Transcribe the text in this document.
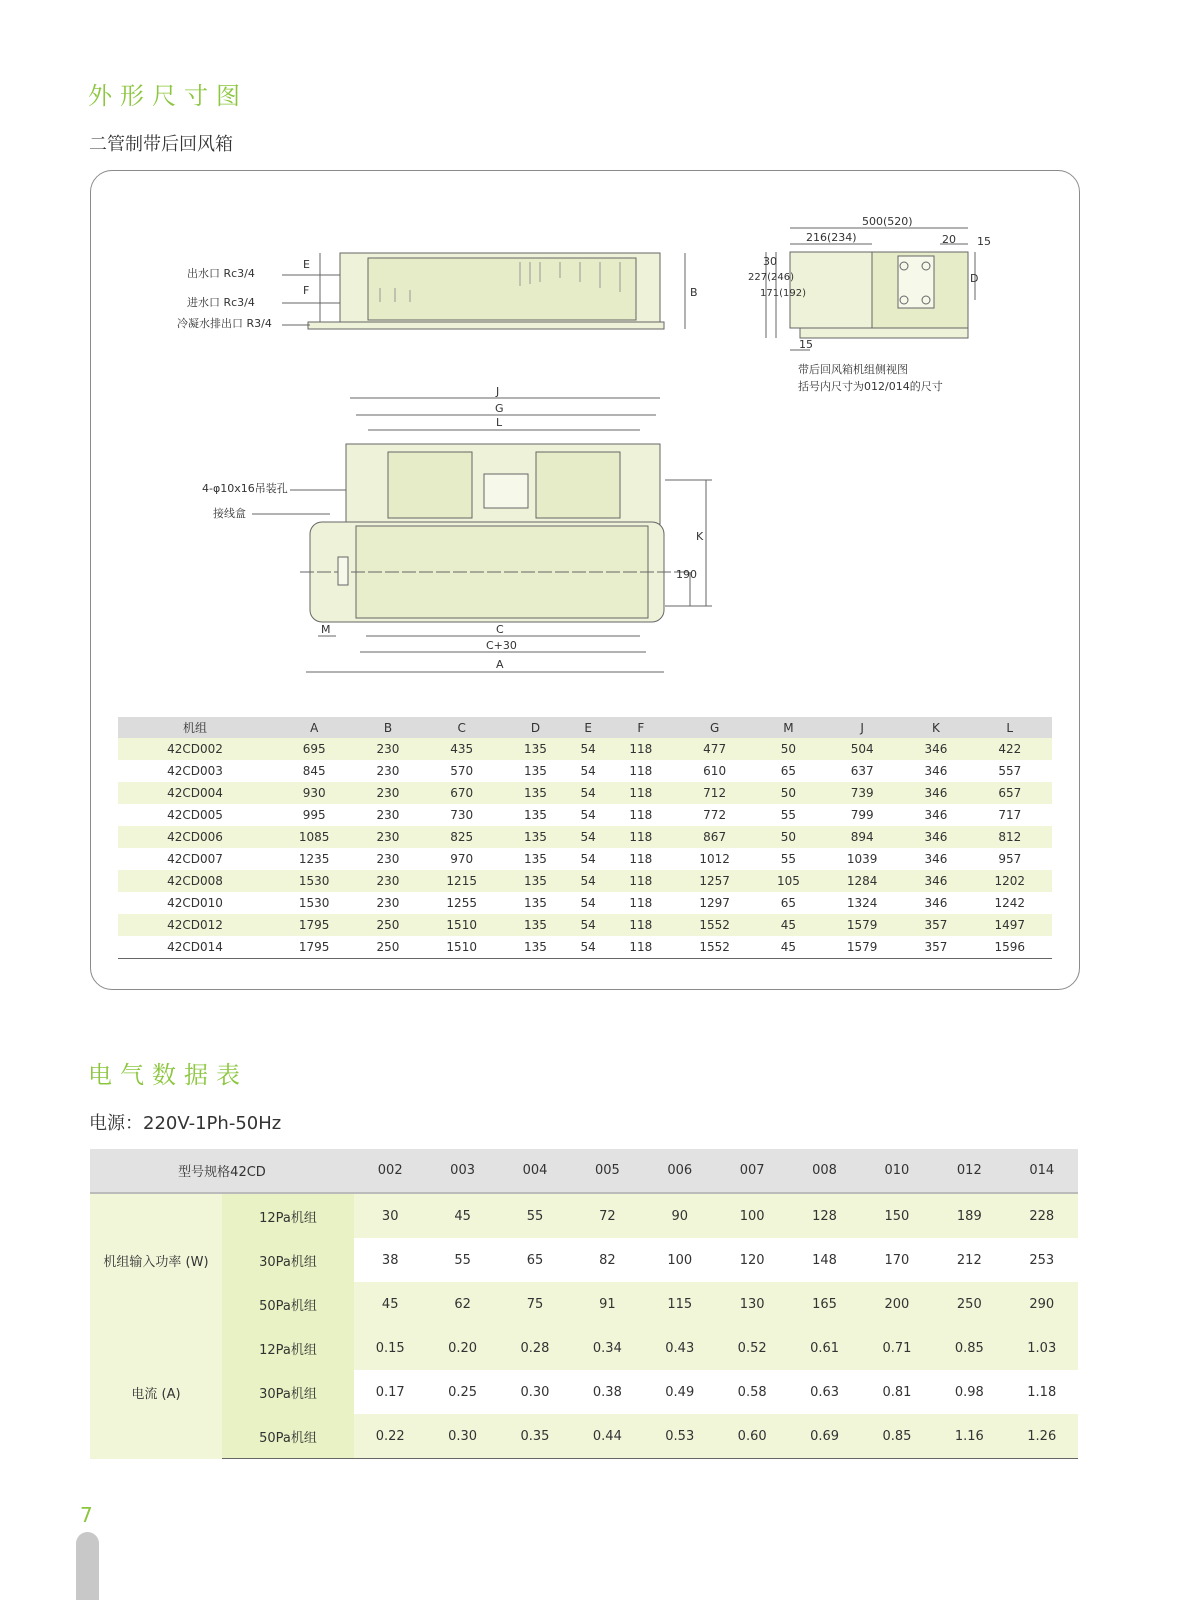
外形尺寸图
二管制带后回风箱
出水口 Rc3/4
进水口 Rc3/4
冷凝水排出口 R3/4
4-φ10x16吊装孔
接线盒
带后回风箱机组侧视图
括号内尺寸为012/014的尺寸
E
F	B
J
G
L
C
C+30
A
M
K
190
500(520)
216(234)	20 15
D
15
30
227(246)
171(192)
机组	A	B	C	D	E	F	G	M	J	K	L
42CD002	695	230	435	135	54	118	477	50	504	346	422
42CD003	845	230	570	135	54	118	610	65	637	346	557
42CD004	930	230	670	135	54	118	712	50	739	346	657
42CD005	995	230	730	135	54	118	772	55	799	346	717
42CD006	1085	230	825	135	54	118	867	50	894	346	812
42CD007	1235	230	970	135	54	118	1012	55	1039	346	957
42CD008	1530	230	1215	135	54	118	1257	105	1284	346	1202
42CD010	1530	230	1255	135	54	118	1297	65	1324	346	1242
42CD012	1795	250	1510	135	54	118	1552	45	1579	357	1497
42CD014	1795	250	1510	135	54	118	1552	45	1579	357	1596
电气数据表
电源：220V-1Ph-50Hz
型号规格42CD		002	003	004	005	006	007	008	010	012	014
机组输入功率 (W)	12Pa机组	30	45	55	72	90	100	128	150	189	228
	30Pa机组	38	55	65	82	100	120	148	170	212	253
	50Pa机组	45	62	75	91	115	130	165	200	250	290
电流 (A)	12Pa机组	0.15	0.20	0.28	0.34	0.43	0.52	0.61	0.71	0.85	1.03
	30Pa机组	0.17	0.25	0.30	0.38	0.49	0.58	0.63	0.81	0.98	1.18
	50Pa机组	0.22	0.30	0.35	0.44	0.53	0.60	0.69	0.85	1.16	1.26
7
